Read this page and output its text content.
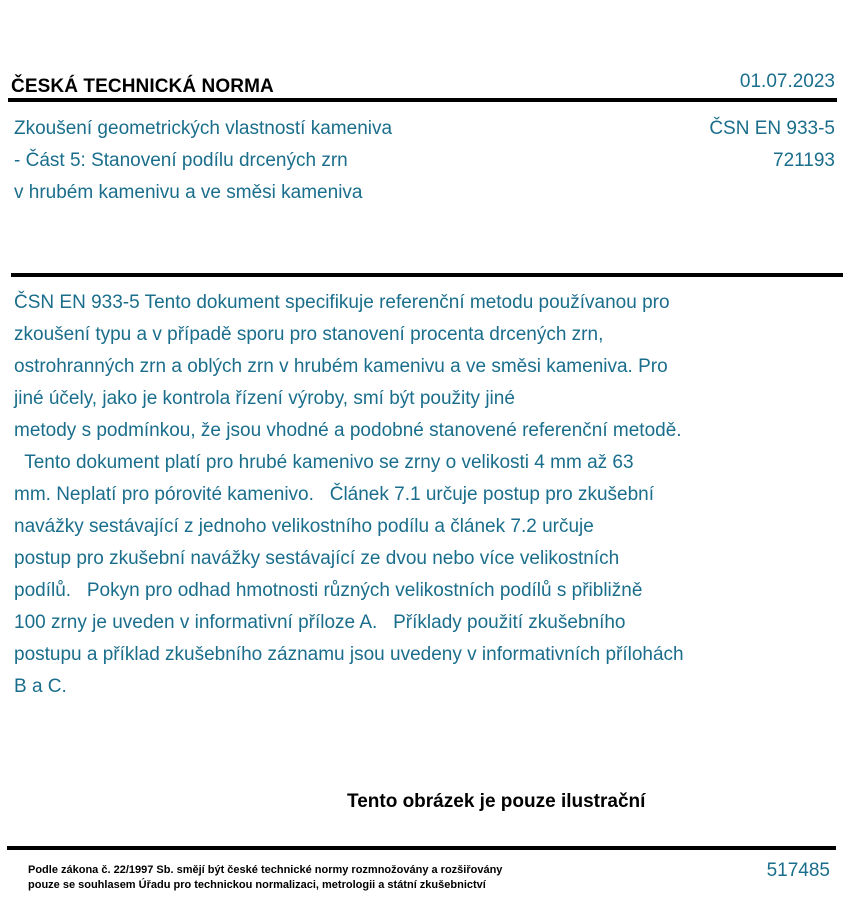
ČESKÁ TECHNICKÁ NORMA	01.07.2023
Zkoušení geometrických vlastností kameniva
- Část 5: Stanovení podílu drcených zrn
v hrubém kamenivu a ve směsi kameniva
ČSN EN 933-5
721193
ČSN EN 933-5 Tento dokument specifikuje referenční metodu používanou pro
zkoušení typu a v případě sporu pro stanovení procenta drcených zrn,
ostrohranných zrn a oblých zrn v hrubém kamenivu a ve směsi kameniva. Pro
jiné účely, jako je kontrola řízení výroby, smí být použity jiné
metody s podmínkou, že jsou vhodné a podobné stanovené referenční metodě.
Tento dokument platí pro hrubé kamenivo se zrny o velikosti 4 mm až 63
mm. Neplatí pro pórovité kamenivo.   Článek 7.1 určuje postup pro zkušební
navážky sestávající z jednoho velikostního podílu a článek 7.2 určuje
postup pro zkušební navážky sestávající ze dvou nebo více velikostních
podílů.   Pokyn pro odhad hmotnosti různých velikostních podílů s přibližně
100 zrny je uveden v informativní příloze A.   Příklady použití zkušebního
postupu a příklad zkušebního záznamu jsou uvedeny v informativních přílohách
B a C.
Tento obrázek je pouze ilustrační
Podle zákona č. 22/1997 Sb. smějí být české technické normy rozmnožovány a rozšiřovány
pouze se souhlasem Úřadu pro technickou normalizaci, metrologii a státní zkušebnictví
517485
